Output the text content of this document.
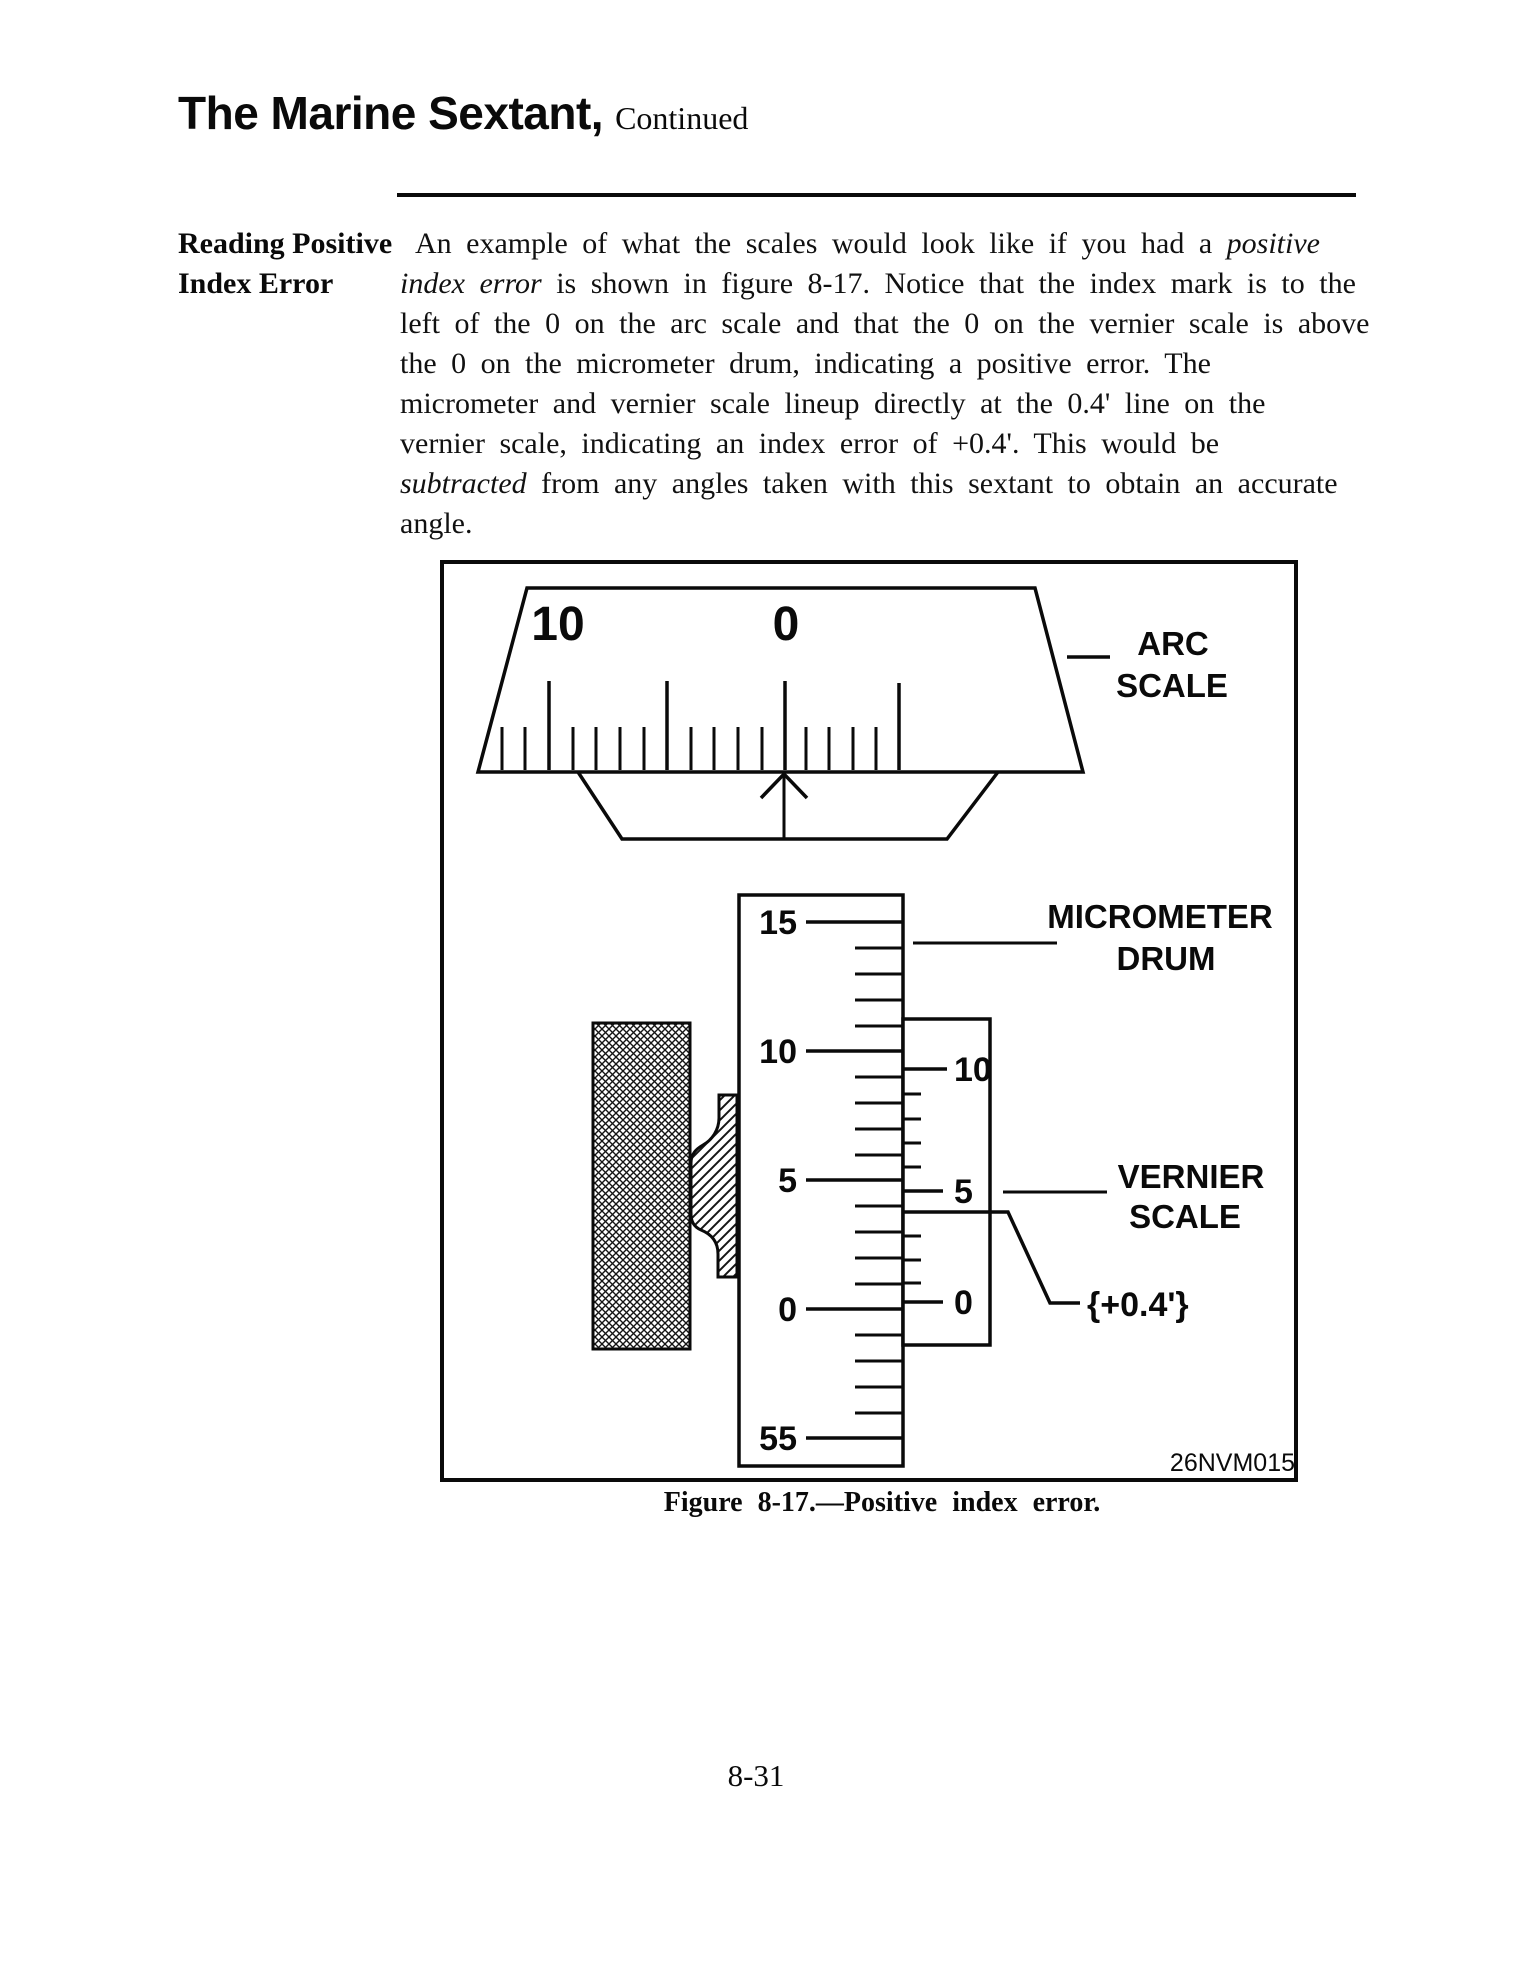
The Marine Sextant, Continued
Reading Positive
Index Error
An example of what the scales would look like if you had a positive
index error is shown in figure 8-17. Notice that the index mark is to the
left of the 0 on the arc scale and that the 0 on the vernier scale is above
the 0 on the micrometer drum, indicating a positive error. The
micrometer and vernier scale lineup directly at the 0.4' line on the
vernier scale, indicating an index error of +0.4'. This would be
subtracted from any angles taken with this sextant to obtain an accurate
angle.
10	0	ARC
SCALE
15
10
5
0
55
10
5
0
MICROMETER
DRUM
VERNIER
SCALE
{+0.4'}
26NVM015
Figure 8-17.—Positive index error.
8-31
